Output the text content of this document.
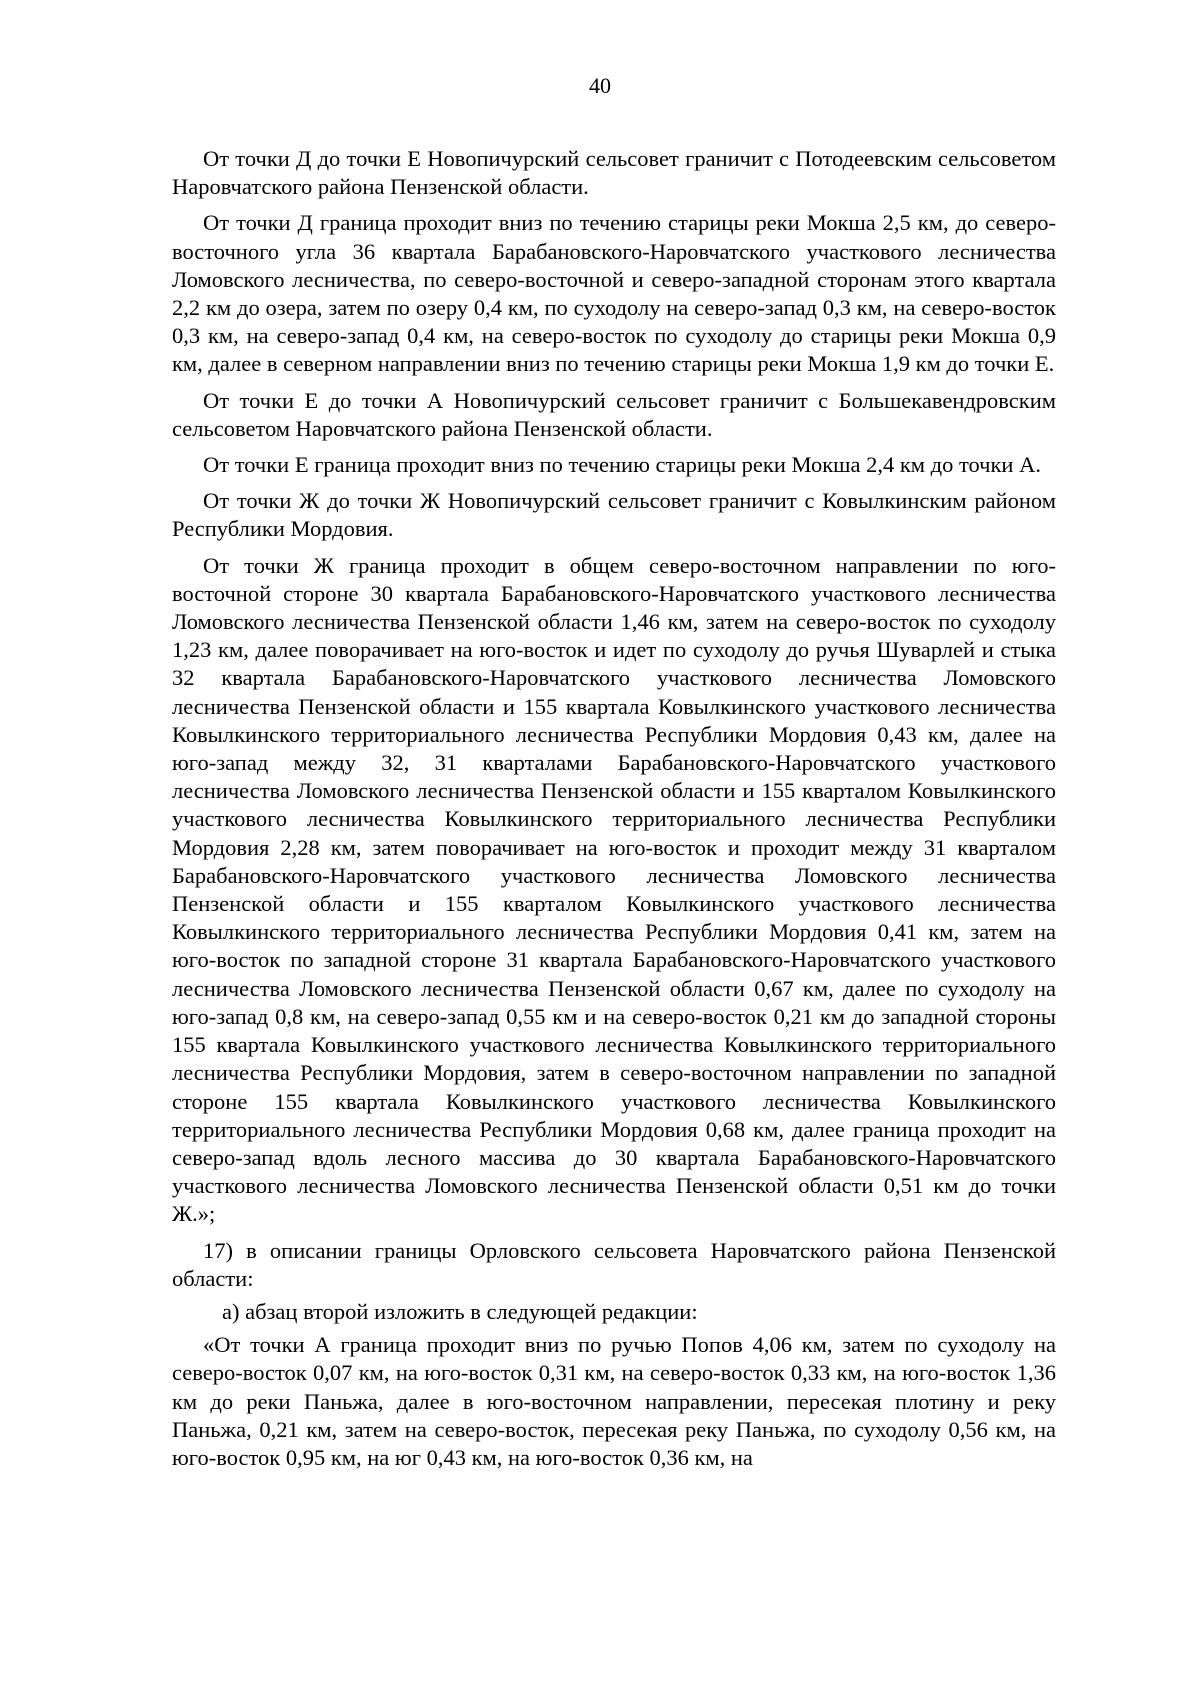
40

От точки Д до точки Е Новопичурский сельсовет граничит с Потодеевским сельсоветом Наровчатского района Пензенской области.

От точки Д граница проходит вниз по течению старицы реки Мокша 2,5 км, до северо-восточного угла 36 квартала Барабановского-Наровчатского участкового лесничества Ломовского лесничества, по северо-восточной и северо-западной сторонам этого квартала 2,2 км до озера, затем по озеру 0,4 км, по суходолу на северо-запад 0,3 км, на северо-восток 0,3 км, на северо-запад 0,4 км, на северо-восток по суходолу до старицы реки Мокша 0,9 км, далее в северном направлении вниз по течению старицы реки Мокша 1,9 км до точки Е.

От точки Е до точки А Новопичурский сельсовет граничит с Большекавендровским сельсоветом Наровчатского района Пензенской области.

От точки Е граница проходит вниз по течению старицы реки Мокша 2,4 км до точки А.

От точки Ж до точки Ж Новопичурский сельсовет граничит с Ковылкинским районом Республики Мордовия.

От точки Ж граница проходит в общем северо-восточном направлении по юго-восточной стороне 30 квартала Барабановского-Наровчатского участкового лесничества Ломовского лесничества Пензенской области 1,46 км, затем на северо-восток по суходолу 1,23 км, далее поворачивает на юго-восток и идет по суходолу до ручья Шуварлей и стыка 32 квартала Барабановского-Наровчатского участкового лесничества Ломовского лесничества Пензенской области и 155 квартала Ковылкинского участкового лесничества Ковылкинского территориального лесничества Республики Мордовия 0,43 км, далее на юго-запад между 32, 31 кварталами Барабановского-Наровчатского участкового лесничества Ломовского лесничества Пензенской области и 155 кварталом Ковылкинского участкового лесничества Ковылкинского территориального лесничества Республики Мордовия 2,28 км, затем поворачивает на юго-восток и проходит между 31 кварталом Барабановского-Наровчатского участкового лесничества Ломовского лесничества Пензенской области и 155 кварталом Ковылкинского участкового лесничества Ковылкинского территориального лесничества Республики Мордовия 0,41 км, затем на юго-восток по западной стороне 31 квартала Барабановского-Наровчатского участкового лесничества Ломовского лесничества Пензенской области 0,67 км, далее по суходолу на юго-запад 0,8 км, на северо-запад 0,55 км и на северо-восток 0,21 км до западной стороны 155 квартала Ковылкинского участкового лесничества Ковылкинского территориального лесничества Республики Мордовия, затем в северо-восточном направлении по западной стороне 155 квартала Ковылкинского участкового лесничества Ковылкинского территориального лесничества Республики Мордовия 0,68 км, далее граница проходит на северо-запад вдоль лесного массива до 30 квартала Барабановского-Наровчатского участкового лесничества Ломовского лесничества Пензенской области 0,51 км до точки Ж.»;

17) в описании границы Орловского сельсовета Наровчатского района Пензенской области:

а) абзац второй изложить в следующей редакции:

«От точки А граница проходит вниз по ручью Попов 4,06 км, затем по суходолу на северо-восток 0,07 км, на юго-восток 0,31 км, на северо-восток 0,33 км, на юго-восток 1,36 км до реки Паньжа, далее в юго-восточном направлении, пересекая плотину и реку Паньжа, 0,21 км, затем на северо-восток, пересекая реку Паньжа, по суходолу 0,56 км, на юго-восток 0,95 км, на юг 0,43 км, на юго-восток 0,36 км, на
